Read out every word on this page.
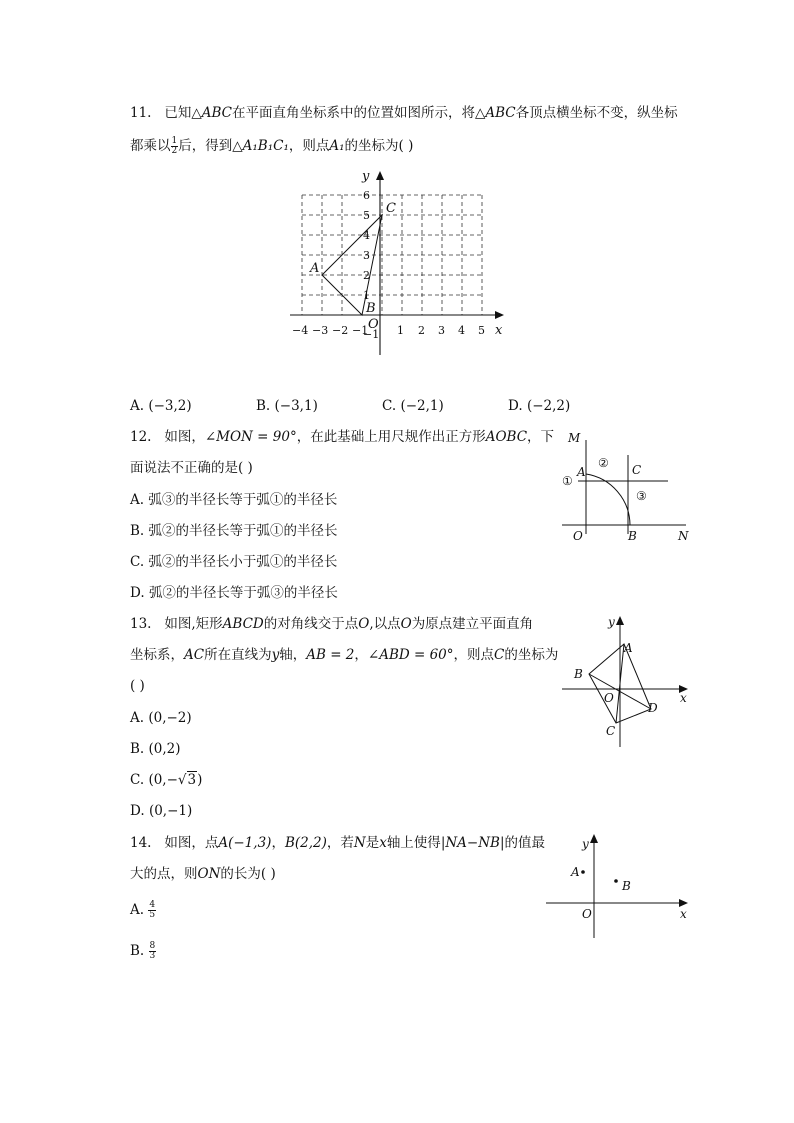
11. 已知△ABC在平面直角坐标系中的位置如图所示，将△ABC各顶点横坐标不变，纵坐标
都乘以 $\frac{1}{2}$ 后，得到△A₁B₁C₁，则点A₁的坐标为( )
−4 −3 −2 −1	1 2 3 4 5
1
2
3
4
5
6
−1	x
y
O
A
B
C
A. (−3,2)	B. (−3,1)	C. (−2,1)	D. (−2,2)
12. 如图，∠MON = 90°，在此基础上用尺规作出正方形AOBC，下
面说法不正确的是( )
A. 弧③的半径长等于弧①的半径长
B. 弧②的半径长等于弧①的半径长
C. 弧②的半径长小于弧①的半径长
D. 弧②的半径长等于弧③的半径长
M
N
O
A
B
C
①
②
③
13. 如图,矩形ABCD的对角线交于点O,以点O为原点建立平面直角
坐标系，AC所在直线为y轴，AB = 2，∠ABD = 60°，则点C的坐标为
( )
A. (0,−2)
B. (0,2)
C. (0,−√3)
D. (0,−1)
x
y
A
B
C
D
O
14. 如图，点A(−1,3)，B(2,2)，若N是x轴上使得|NA−NB|的值最
大的点，则ON的长为( )
A. $\frac{4}{5}$
B. $\frac{8}{3}$
x
y
A
B
O
